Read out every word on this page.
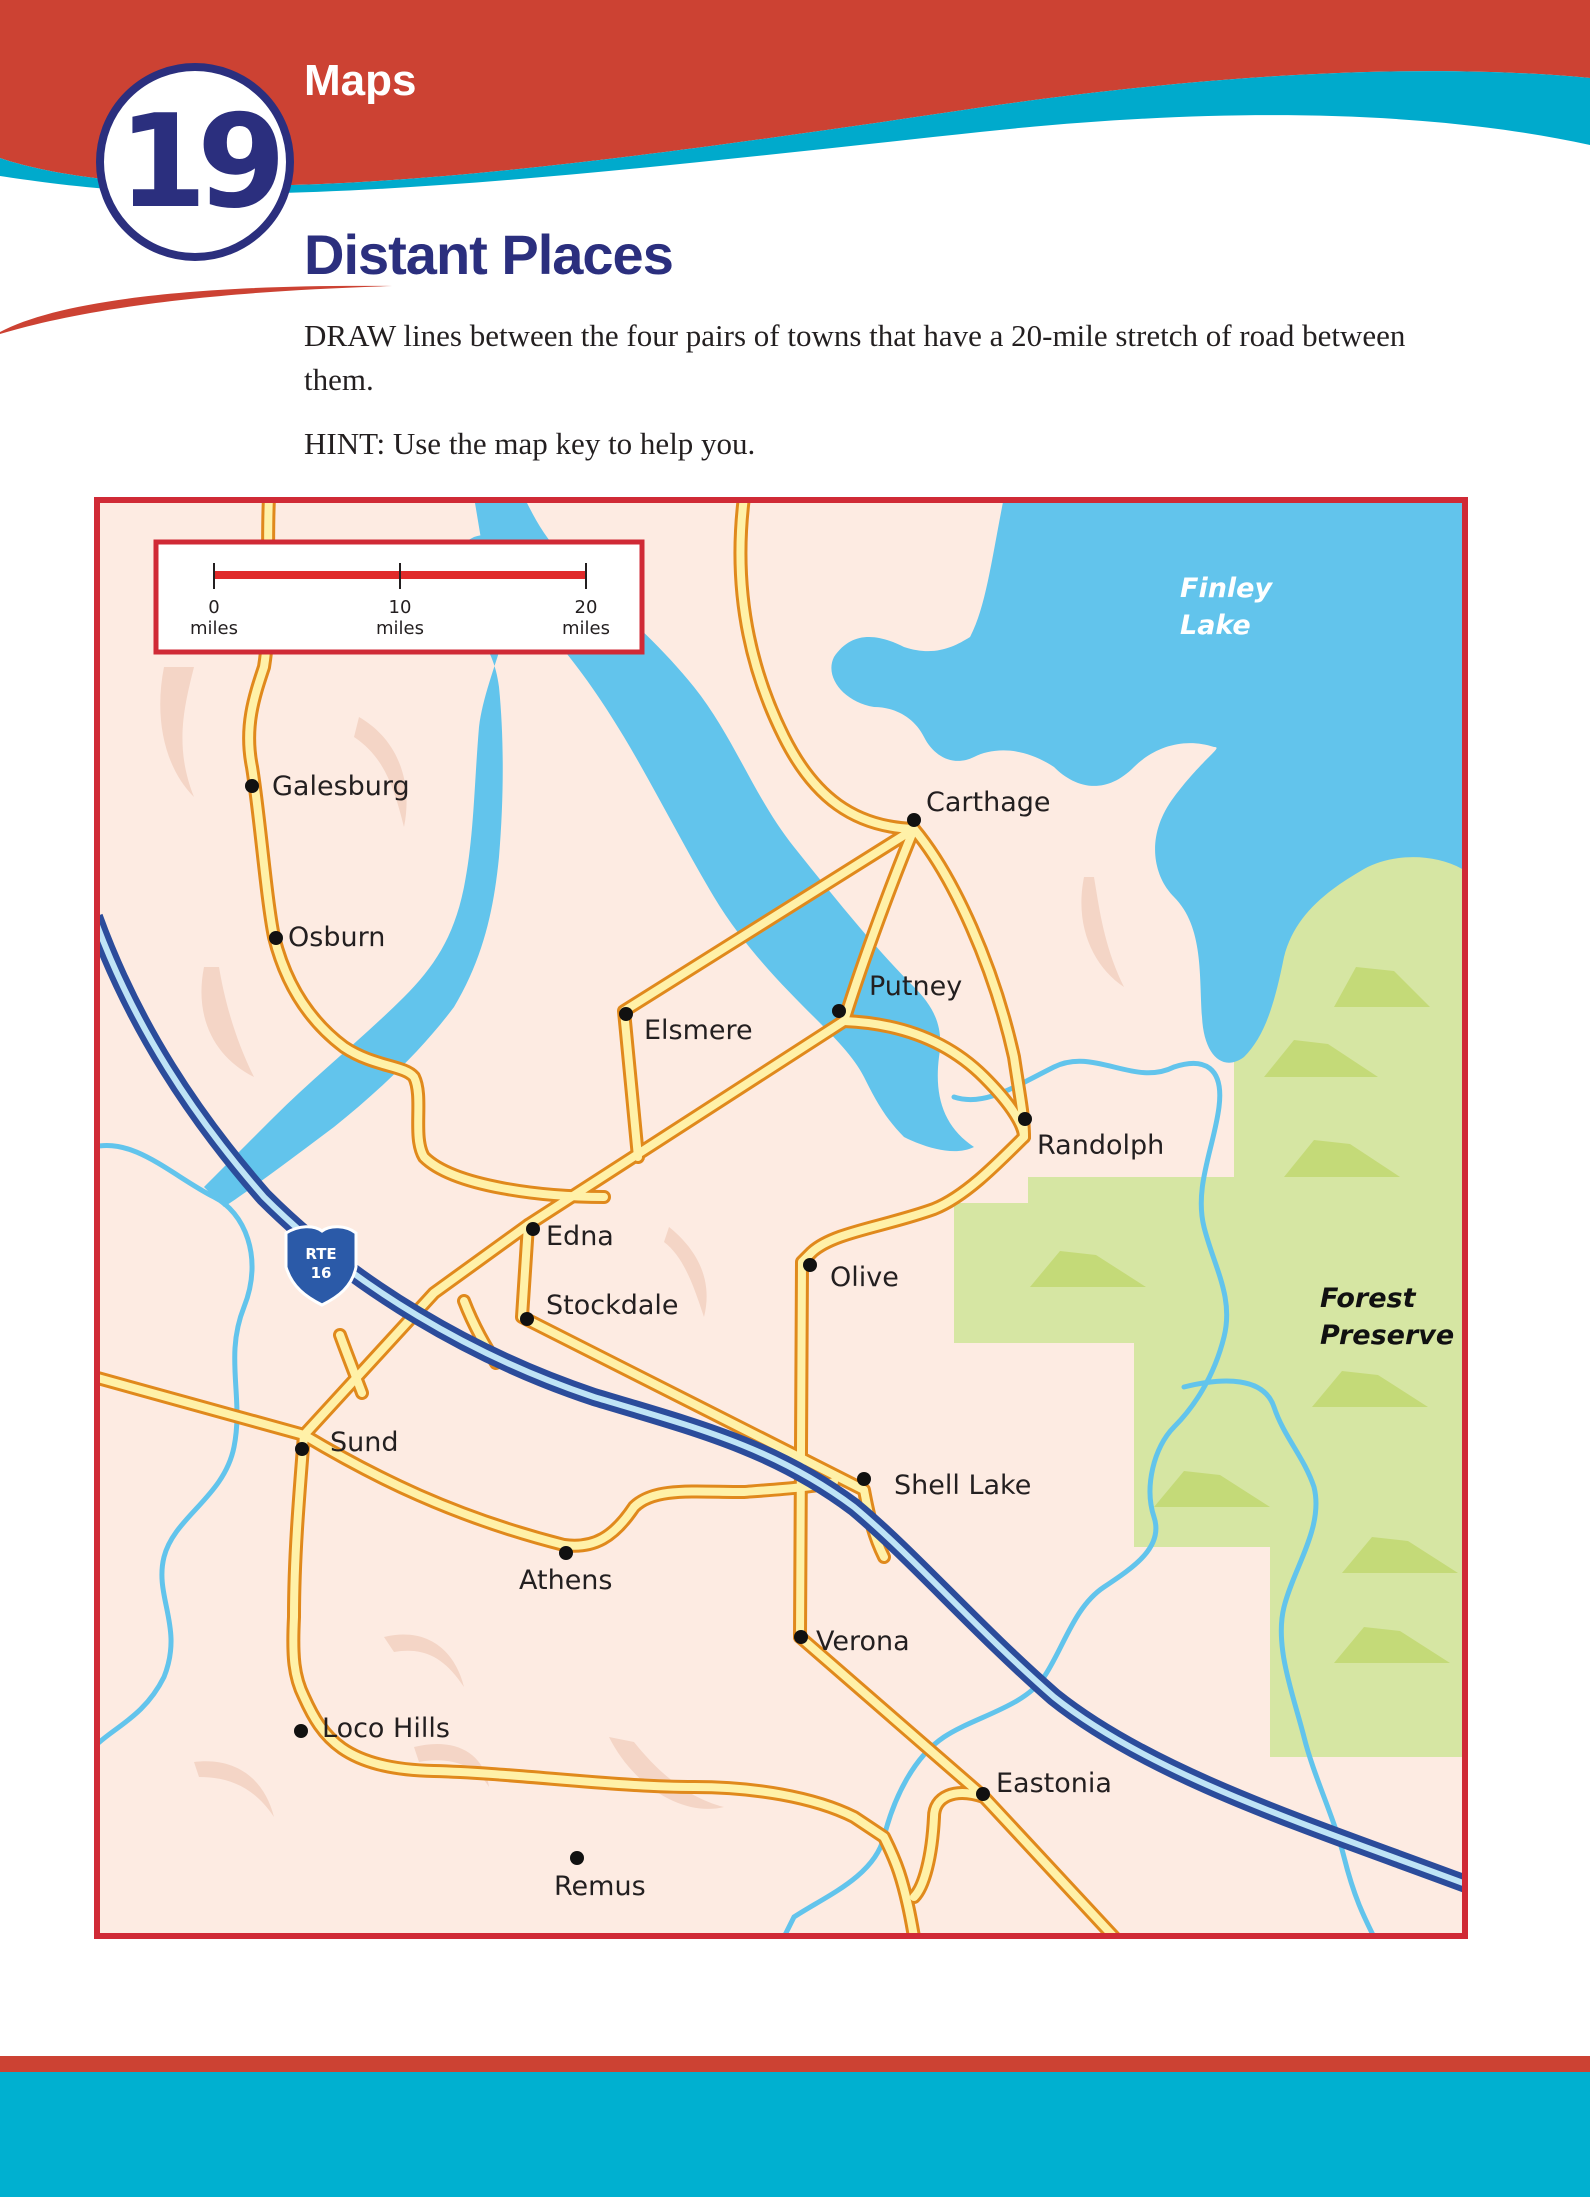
19
Maps
Distant Places

DRAW lines between the four pairs of towns that have a 20-mile stretch of road between them.

HINT: Use the map key to help you.

0
miles
10
miles
20
miles
Finley
Lake
Forest
Preserve
RTE
16
Galesburg
Osburn
Carthage
Elsmere
Putney
Randolph
Edna
Stockdale
Olive
Sund
Shell Lake
Athens
Verona
Loco Hills
Eastonia
Remus
